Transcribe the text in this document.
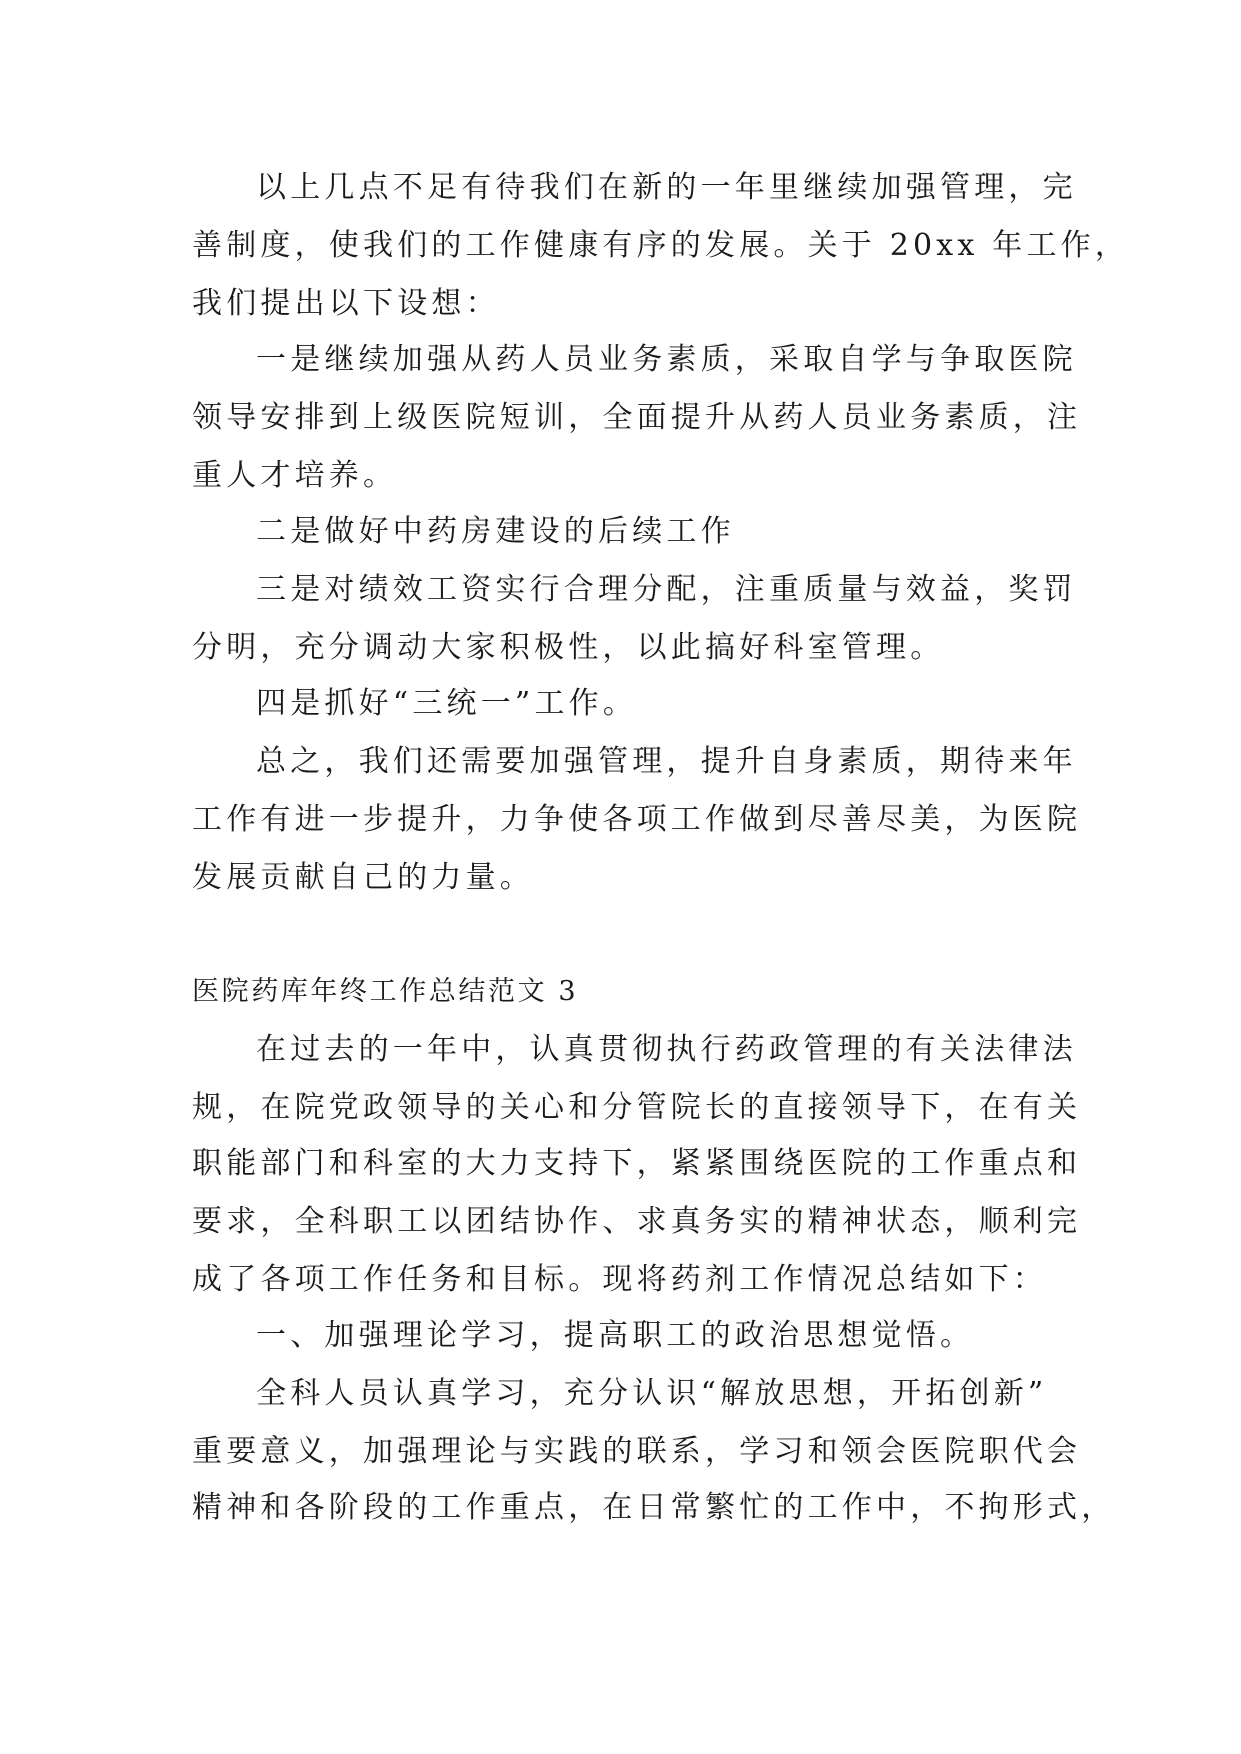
以上几点不足有待我们在新的一年里继续加强管理，完
善制度，使我们的工作健康有序的发展。关于 20xx 年工作，
我们提出以下设想：
一是继续加强从药人员业务素质，采取自学与争取医院
领导安排到上级医院短训，全面提升从药人员业务素质，注
重人才培养。
二是做好中药房建设的后续工作
三是对绩效工资实行合理分配，注重质量与效益，奖罚
分明，充分调动大家积极性，以此搞好科室管理。
四是抓好“三统一”工作。
总之，我们还需要加强管理，提升自身素质，期待来年
工作有进一步提升，力争使各项工作做到尽善尽美，为医院
发展贡献自己的力量。
医院药库年终工作总结范文 3
在过去的一年中，认真贯彻执行药政管理的有关法律法
规，在院党政领导的关心和分管院长的直接领导下，在有关
职能部门和科室的大力支持下，紧紧围绕医院的工作重点和
要求，全科职工以团结协作、求真务实的精神状态，顺利完
成了各项工作任务和目标。现将药剂工作情况总结如下：
一、加强理论学习，提高职工的政治思想觉悟。
全科人员认真学习，充分认识“解放思想，开拓创新”
重要意义，加强理论与实践的联系，学习和领会医院职代会
精神和各阶段的工作重点，在日常繁忙的工作中，不拘形式，
